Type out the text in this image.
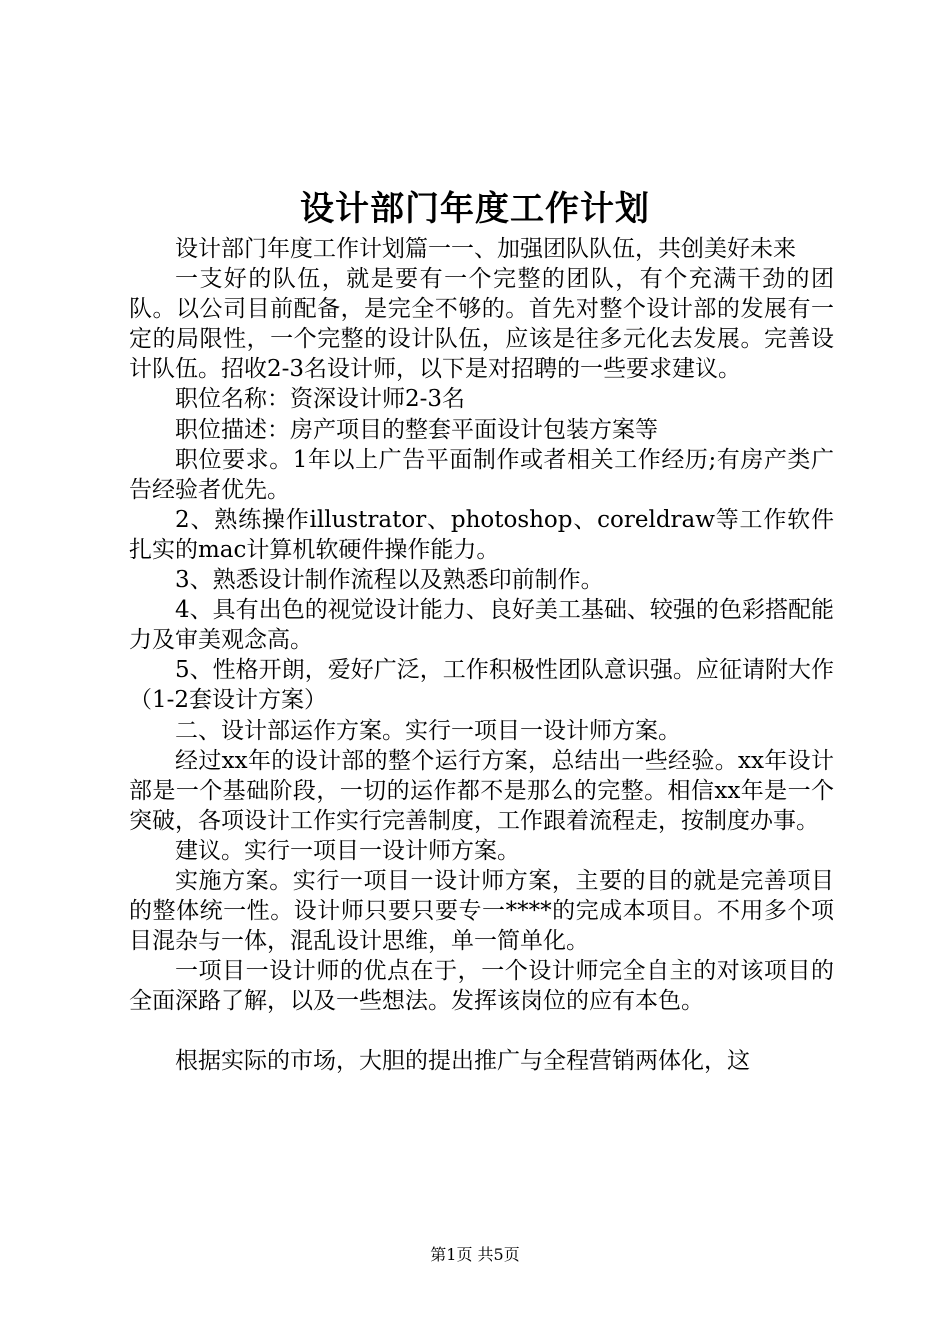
设计部门年度工作计划

设计部门年度工作计划篇一一、加强团队队伍，共创美好未来

一支好的队伍，就是要有一个完整的团队，有个充满干劲的团队。以公司目前配备，是完全不够的。首先对整个设计部的发展有一定的局限性，一个完整的设计队伍，应该是往多元化去发展。完善设计队伍。招收2-3名设计师，以下是对招聘的一些要求建议。

职位名称：资深设计师2-3名

职位描述：房产项目的整套平面设计包装方案等

职位要求。1年以上广告平面制作或者相关工作经历;有房产类广告经验者优先。

2、熟练操作illustrator、photoshop、coreldraw等工作软件扎实的mac计算机软硬件操作能力。

3、熟悉设计制作流程以及熟悉印前制作。

4、具有出色的视觉设计能力、良好美工基础、较强的色彩搭配能力及审美观念高。

5、性格开朗，爱好广泛，工作积极性团队意识强。应征请附大作（1-2套设计方案）

二、设计部运作方案。实行一项目一设计师方案。

经过xx年的设计部的整个运行方案，总结出一些经验。xx年设计部是一个基础阶段，一切的运作都不是那么的完整。相信xx年是一个突破，各项设计工作实行完善制度，工作跟着流程走，按制度办事。

建议。实行一项目一设计师方案。

实施方案。实行一项目一设计师方案，主要的目的就是完善项目的整体统一性。设计师只要只要专一****的完成本项目。不用多个项目混杂与一体，混乱设计思维，单一简单化。

一项目一设计师的优点在于，一个设计师完全自主的对该项目的全面深路了解，以及一些想法。发挥该岗位的应有本色。

根据实际的市场，大胆的提出推广与全程营销两体化，这

第1页 共5页
